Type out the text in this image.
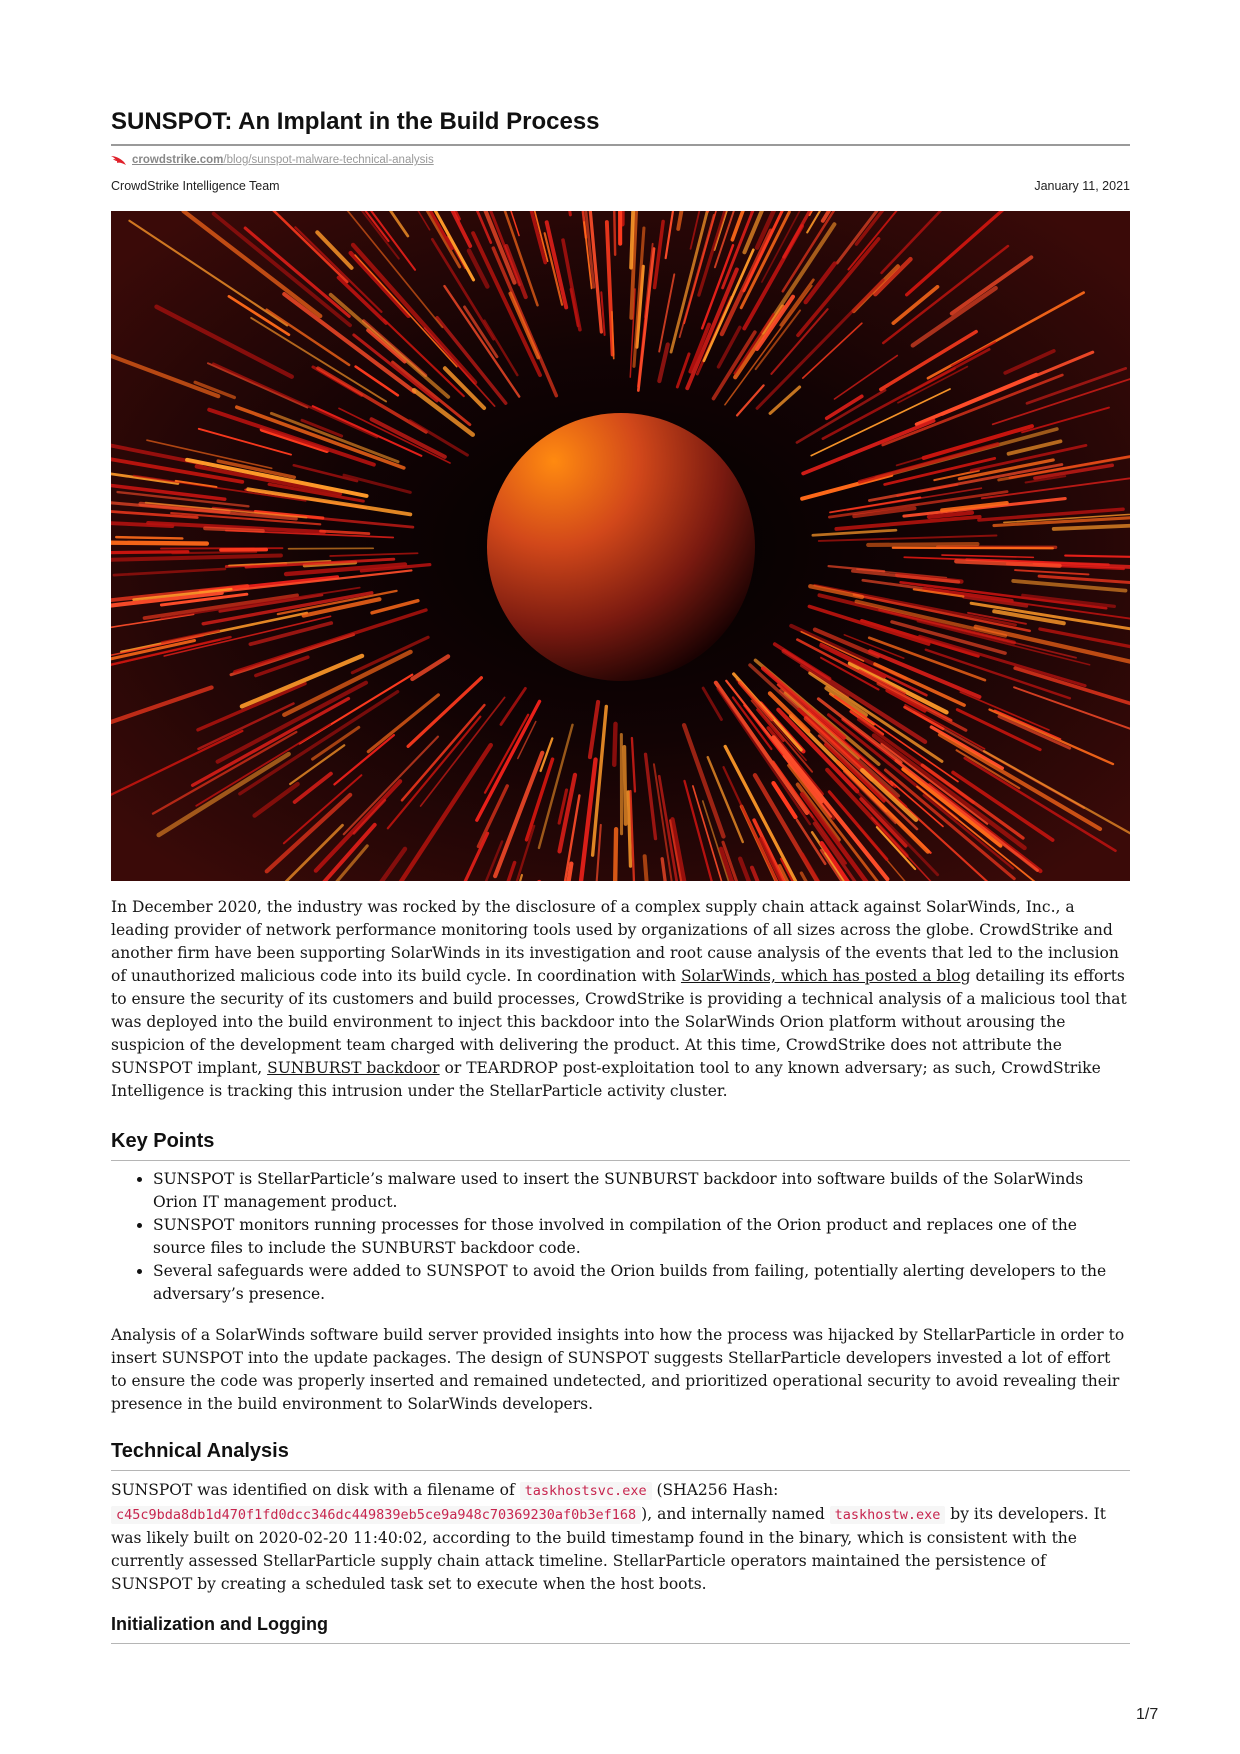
SUNSPOT: An Implant in the Build Process
crowdstrike.com/blog/sunspot-malware-technical-analysis
CrowdStrike Intelligence Team	January 11, 2021

In December 2020, the industry was rocked by the disclosure of a complex supply chain attack against SolarWinds, Inc., a leading provider of network performance monitoring tools used by organizations of all sizes across the globe. CrowdStrike and another firm have been supporting SolarWinds in its investigation and root cause analysis of the events that led to the inclusion of unauthorized malicious code into its build cycle. In coordination with SolarWinds, which has posted a blog detailing its efforts to ensure the security of its customers and build processes, CrowdStrike is providing a technical analysis of a malicious tool that was deployed into the build environment to inject this backdoor into the SolarWinds Orion platform without arousing the suspicion of the development team charged with delivering the product. At this time, CrowdStrike does not attribute the SUNSPOT implant, SUNBURST backdoor or TEARDROP post-exploitation tool to any known adversary; as such, CrowdStrike Intelligence is tracking this intrusion under the StellarParticle activity cluster.

Key Points
• SUNSPOT is StellarParticle’s malware used to insert the SUNBURST backdoor into software builds of the SolarWinds Orion IT management product.
• SUNSPOT monitors running processes for those involved in compilation of the Orion product and replaces one of the source files to include the SUNBURST backdoor code.
• Several safeguards were added to SUNSPOT to avoid the Orion builds from failing, potentially alerting developers to the adversary’s presence.

Analysis of a SolarWinds software build server provided insights into how the process was hijacked by StellarParticle in order to insert SUNSPOT into the update packages. The design of SUNSPOT suggests StellarParticle developers invested a lot of effort to ensure the code was properly inserted and remained undetected, and prioritized operational security to avoid revealing their presence in the build environment to SolarWinds developers.

Technical Analysis

SUNSPOT was identified on disk with a filename of taskhostsvc.exe (SHA256 Hash: c45c9bda8db1d470f1fd0dcc346dc449839eb5ce9a948c70369230af0b3ef168 ), and internally named taskhostw.exe by its developers. It was likely built on 2020-02-20 11:40:02, according to the build timestamp found in the binary, which is consistent with the currently assessed StellarParticle supply chain attack timeline. StellarParticle operators maintained the persistence of SUNSPOT by creating a scheduled task set to execute when the host boots.

Initialization and Logging
1/7
